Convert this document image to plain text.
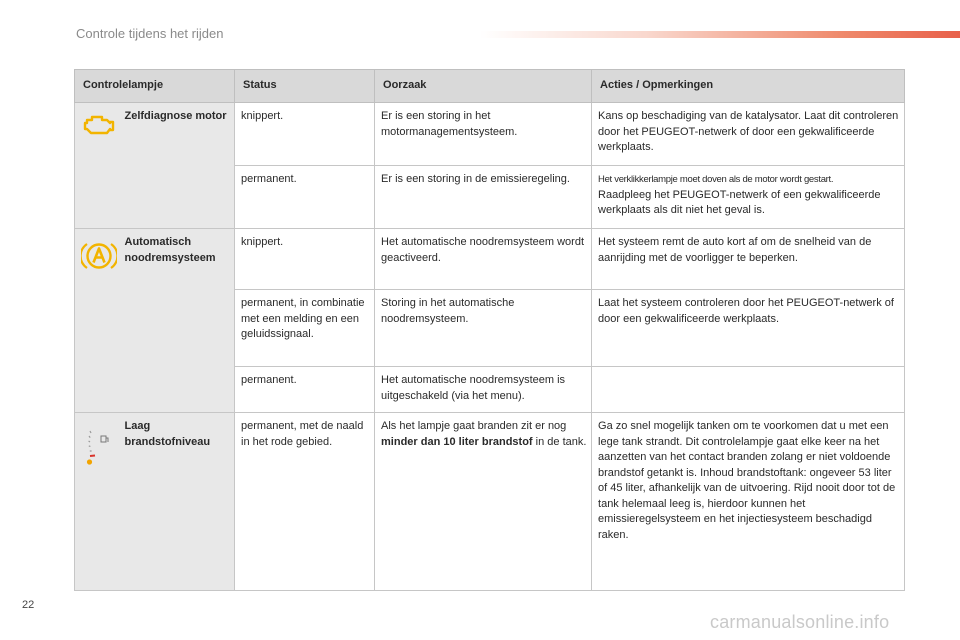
Controle tijdens het rijden
Controlelampje		Status	Oorzaak	Acties / Opmerkingen
	Zelfdiagnose motor	knippert.	Er is een storing in het motormanagementsysteem.	Kans op beschadiging van de katalysator. Laat dit controleren door het PEUGEOT-netwerk of door een gekwalificeerde werkplaats.
		permanent.	Er is een storing in de emissieregeling.	Het verklikkerlampje moet doven als de motor wordt gestart.
Raadpleeg het PEUGEOT-netwerk of een gekwalificeerde werkplaats als dit niet het geval is.

	Automatisch noodremsysteem	knippert.	Het automatische noodremsysteem wordt geactiveerd.	Het systeem remt de auto kort af om de snelheid van de aanrijding met de voorligger te beperken.
		permanent, in combinatie met een melding en een geluidssignaal.	Storing in het automatische noodremsysteem.	Laat het systeem controleren door het PEUGEOT-netwerk of door een gekwalificeerde werkplaats.
		permanent.	Het automatische noodremsysteem is uitgeschakeld (via het menu).	
	Laag brandstofniveau	permanent, met de naald in het rode gebied.	Als het lampje gaat branden zit er nog minder dan 10 liter brandstof in de tank.	Ga zo snel mogelijk tanken om te voorkomen dat u met een lege tank strandt. Dit controlelampje gaat elke keer na het aanzetten van het contact branden zolang er niet voldoende brandstof getankt is. Inhoud brandstoftank: ongeveer 53 liter of 45 liter, afhankelijk van de uitvoering. Rijd nooit door tot de tank helemaal leeg is, hierdoor kunnen het emissieregelsysteem en het injectiesysteem beschadigd raken.
22
carmanualsonline.info
